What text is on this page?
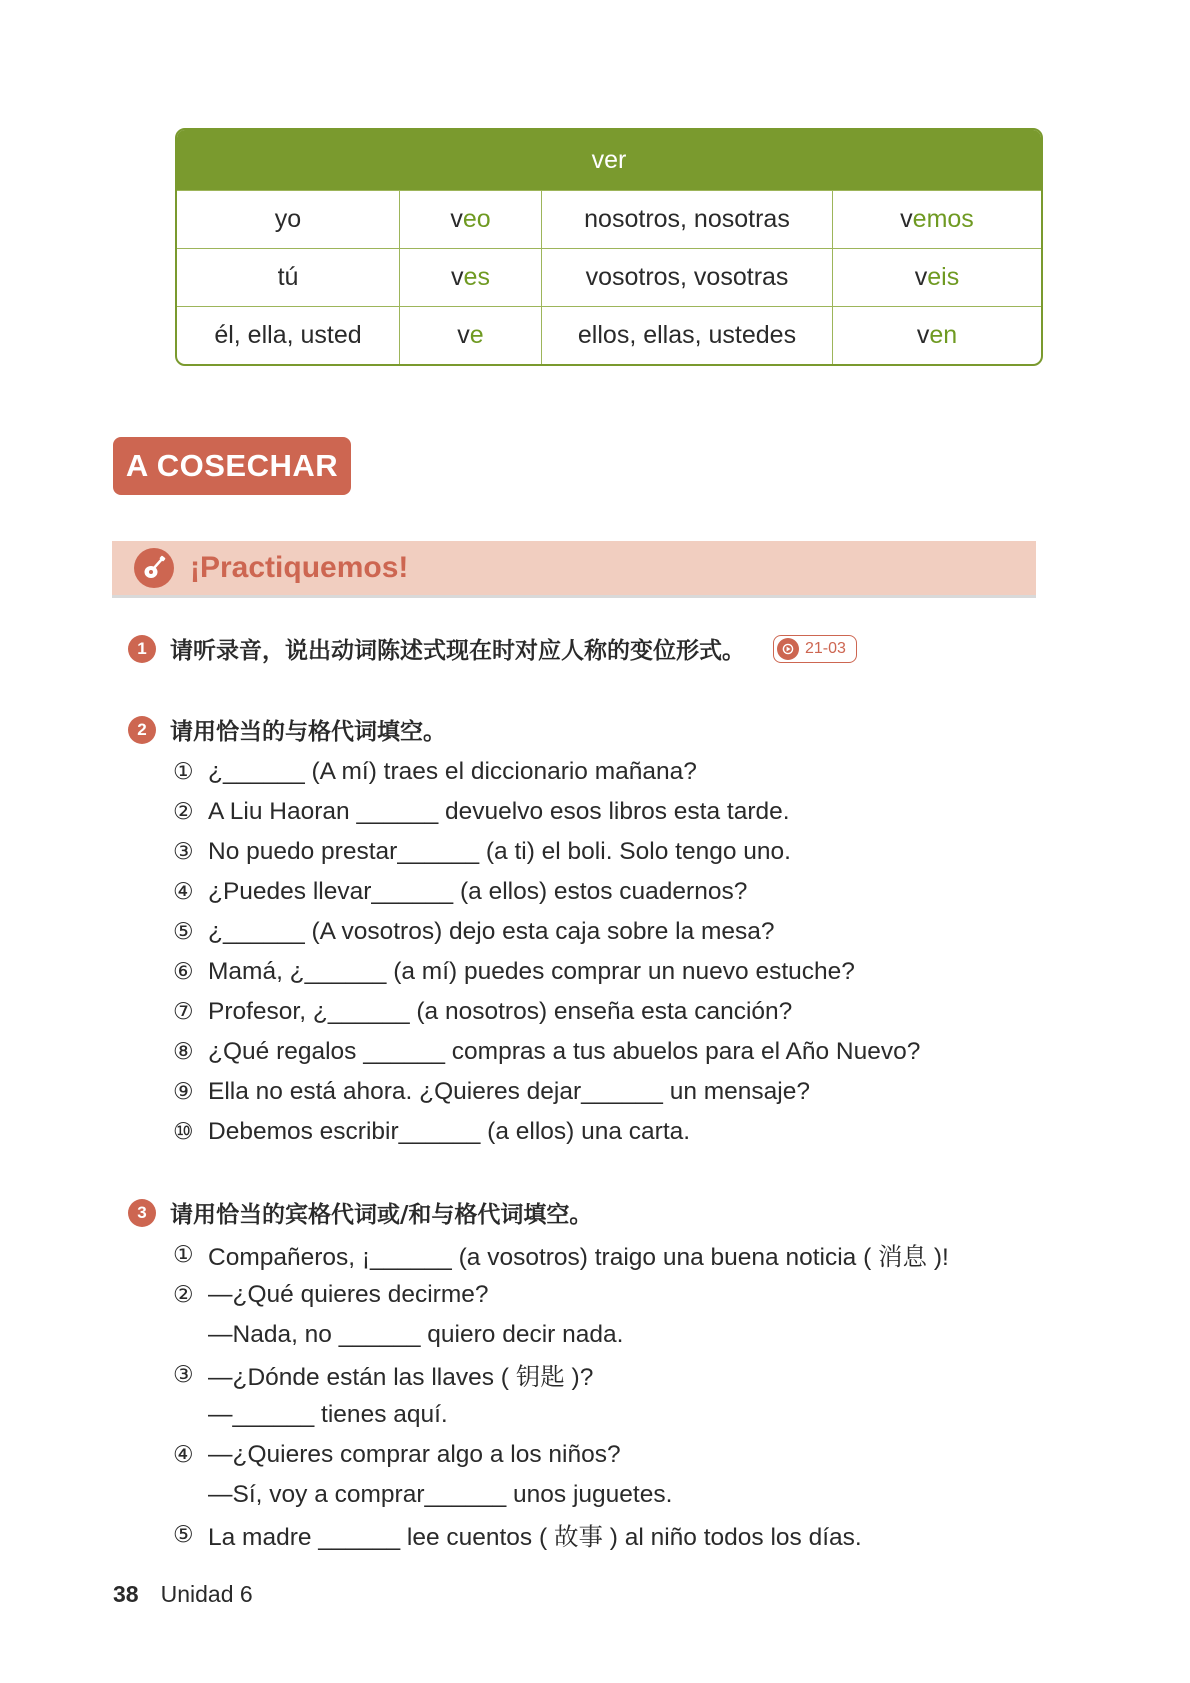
ver
yo	v eo	nosotros, nosotras	v emos
tú	v es	vosotros, vosotras	v eis
él, ella, usted	v e	ellos, ellas, ustedes	v en
A COSECHAR
¡Practiquemos!
1	请听录音，说出动词陈述式现在时对应人称的变位形式。	21-03
2	请用恰当的与格代词填空。
① ¿______ (A mí) traes el diccionario mañana?
② A Liu Haoran ______ devuelvo esos libros esta tarde.
③ No puedo prestar______ (a ti) el boli. Solo tengo uno.
④ ¿Puedes llevar______ (a ellos) estos cuadernos?
⑤ ¿______ (A vosotros) dejo esta caja sobre la mesa?
⑥ Mamá, ¿______ (a mí) puedes comprar un nuevo estuche?
⑦ Profesor, ¿______ (a nosotros) enseña esta canción?
⑧ ¿Qué regalos ______ compras a tus abuelos para el Año Nuevo?
⑨ Ella no está ahora. ¿Quieres dejar______ un mensaje?
⑩ Debemos escribir______ (a ellos) una carta.
3	请用恰当的宾格代词或/和与格代词填空。
① Compañeros, ¡______ (a vosotros) traigo una buena noticia ( 消息 )!
② —¿Qué quieres decirme?
—Nada, no ______ quiero decir nada.
③ —¿Dónde están las llaves ( 钥匙 )?
—______ tienes aquí.
④ —¿Quieres comprar algo a los niños?
—Sí, voy a comprar______ unos juguetes.
⑤ La madre ______ lee cuentos ( 故事 ) al niño todos los días.
38 Unidad 6
